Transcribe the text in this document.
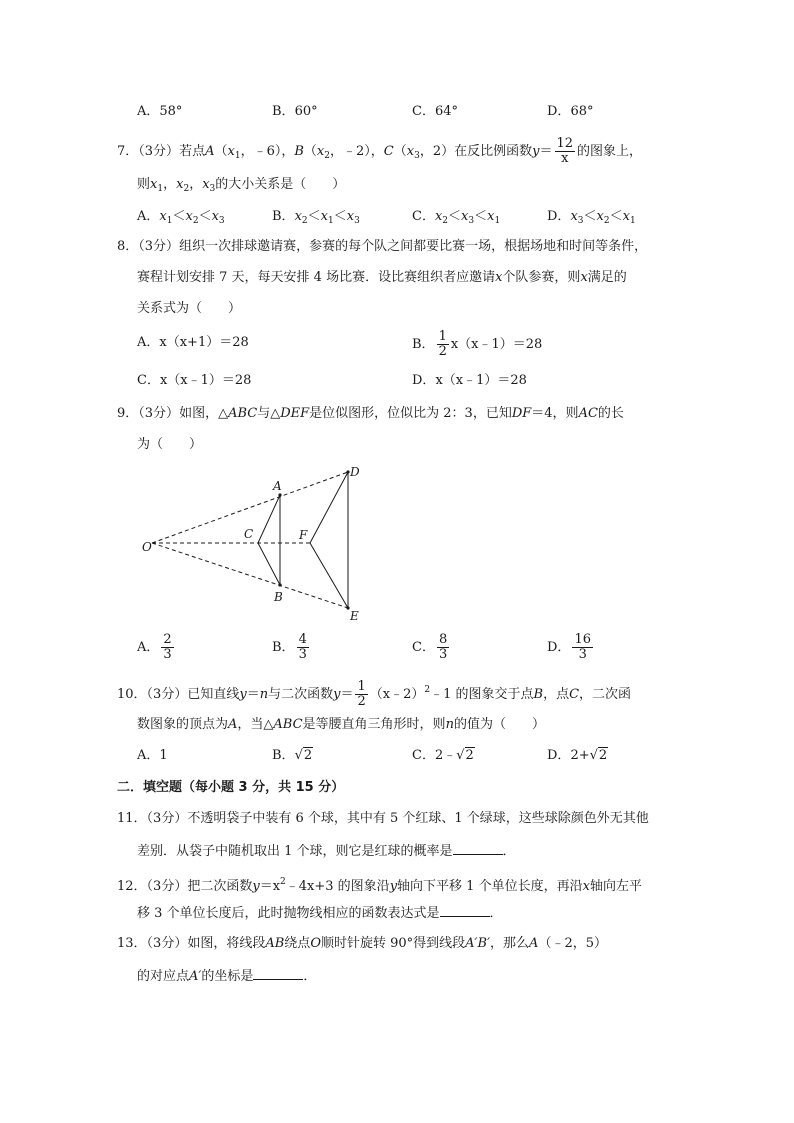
A．58°	B．60°	C．64°	D．68°
7．（3分）若点$A(x_1$，﹣6），$B(x_2$，﹣2），$C(x_3$，2）在反比例函数$y= \frac{12}{x}$ 的图象上，
则$x_1$，$x_2$，$x_3$的大小关系是（　　）
A．$x_1<x_2<x_3$	B．$x_2<x_1<x_3$	C．$x_2<x_3<x_1$	D．$x_3<x_2<x_1$
8．（3分）组织一次排球邀请赛，参赛的每个队之间都要比赛一场，根据场地和时间等条件，
赛程计划安排 7 天，每天安排 4 场比赛．设比赛组织者应邀请x个队参赛，则x满足的
关系式为（　　）
A．x（x+1）＝28	B． $\frac{1}{2}$ x（x﹣1）＝28
C．x（x﹣1）＝28	D．x（x﹣1）＝28
9．（3分）如图，△ABC与△DEF是位似图形，位似比为 2：3，已知DF＝4，则AC的长
为（　　）
O
A
B
C
D
E
F
A． $\frac{2}{3}$	B． $\frac{4}{3}$	C． $\frac{8}{3}$	D． $\frac{16}{3}$
10．（3分）已知直线y＝n与二次函数$y= \frac{1}{2}$ （x﹣2）$^2$﹣1 的图象交于点B，点C，二次函
数图象的顶点为A，当△ABC是等腰直角三角形时，则n的值为（　　）
A．1	B．√2	C．2﹣√2	D．2+√2
二．填空题（每小题 3 分，共 15 分）
11．（3分）不透明袋子中装有 6 个球，其中有 5 个红球、1 个绿球，这些球除颜色外无其他
差别．从袋子中随机取出 1 个球，则它是红球的概率是	．
12．（3分）把二次函数$y=x^2﹣4x+3$ 的图象沿y轴向下平移 1 个单位长度，再沿x轴向左平
移 3 个单位长度后，此时抛物线相应的函数表达式是	．
13．（3分）如图，将线段AB绕点O顺时针旋转 90°得到线段A′B′，那么A（﹣2，5）
的对应点A′的坐标是	．
